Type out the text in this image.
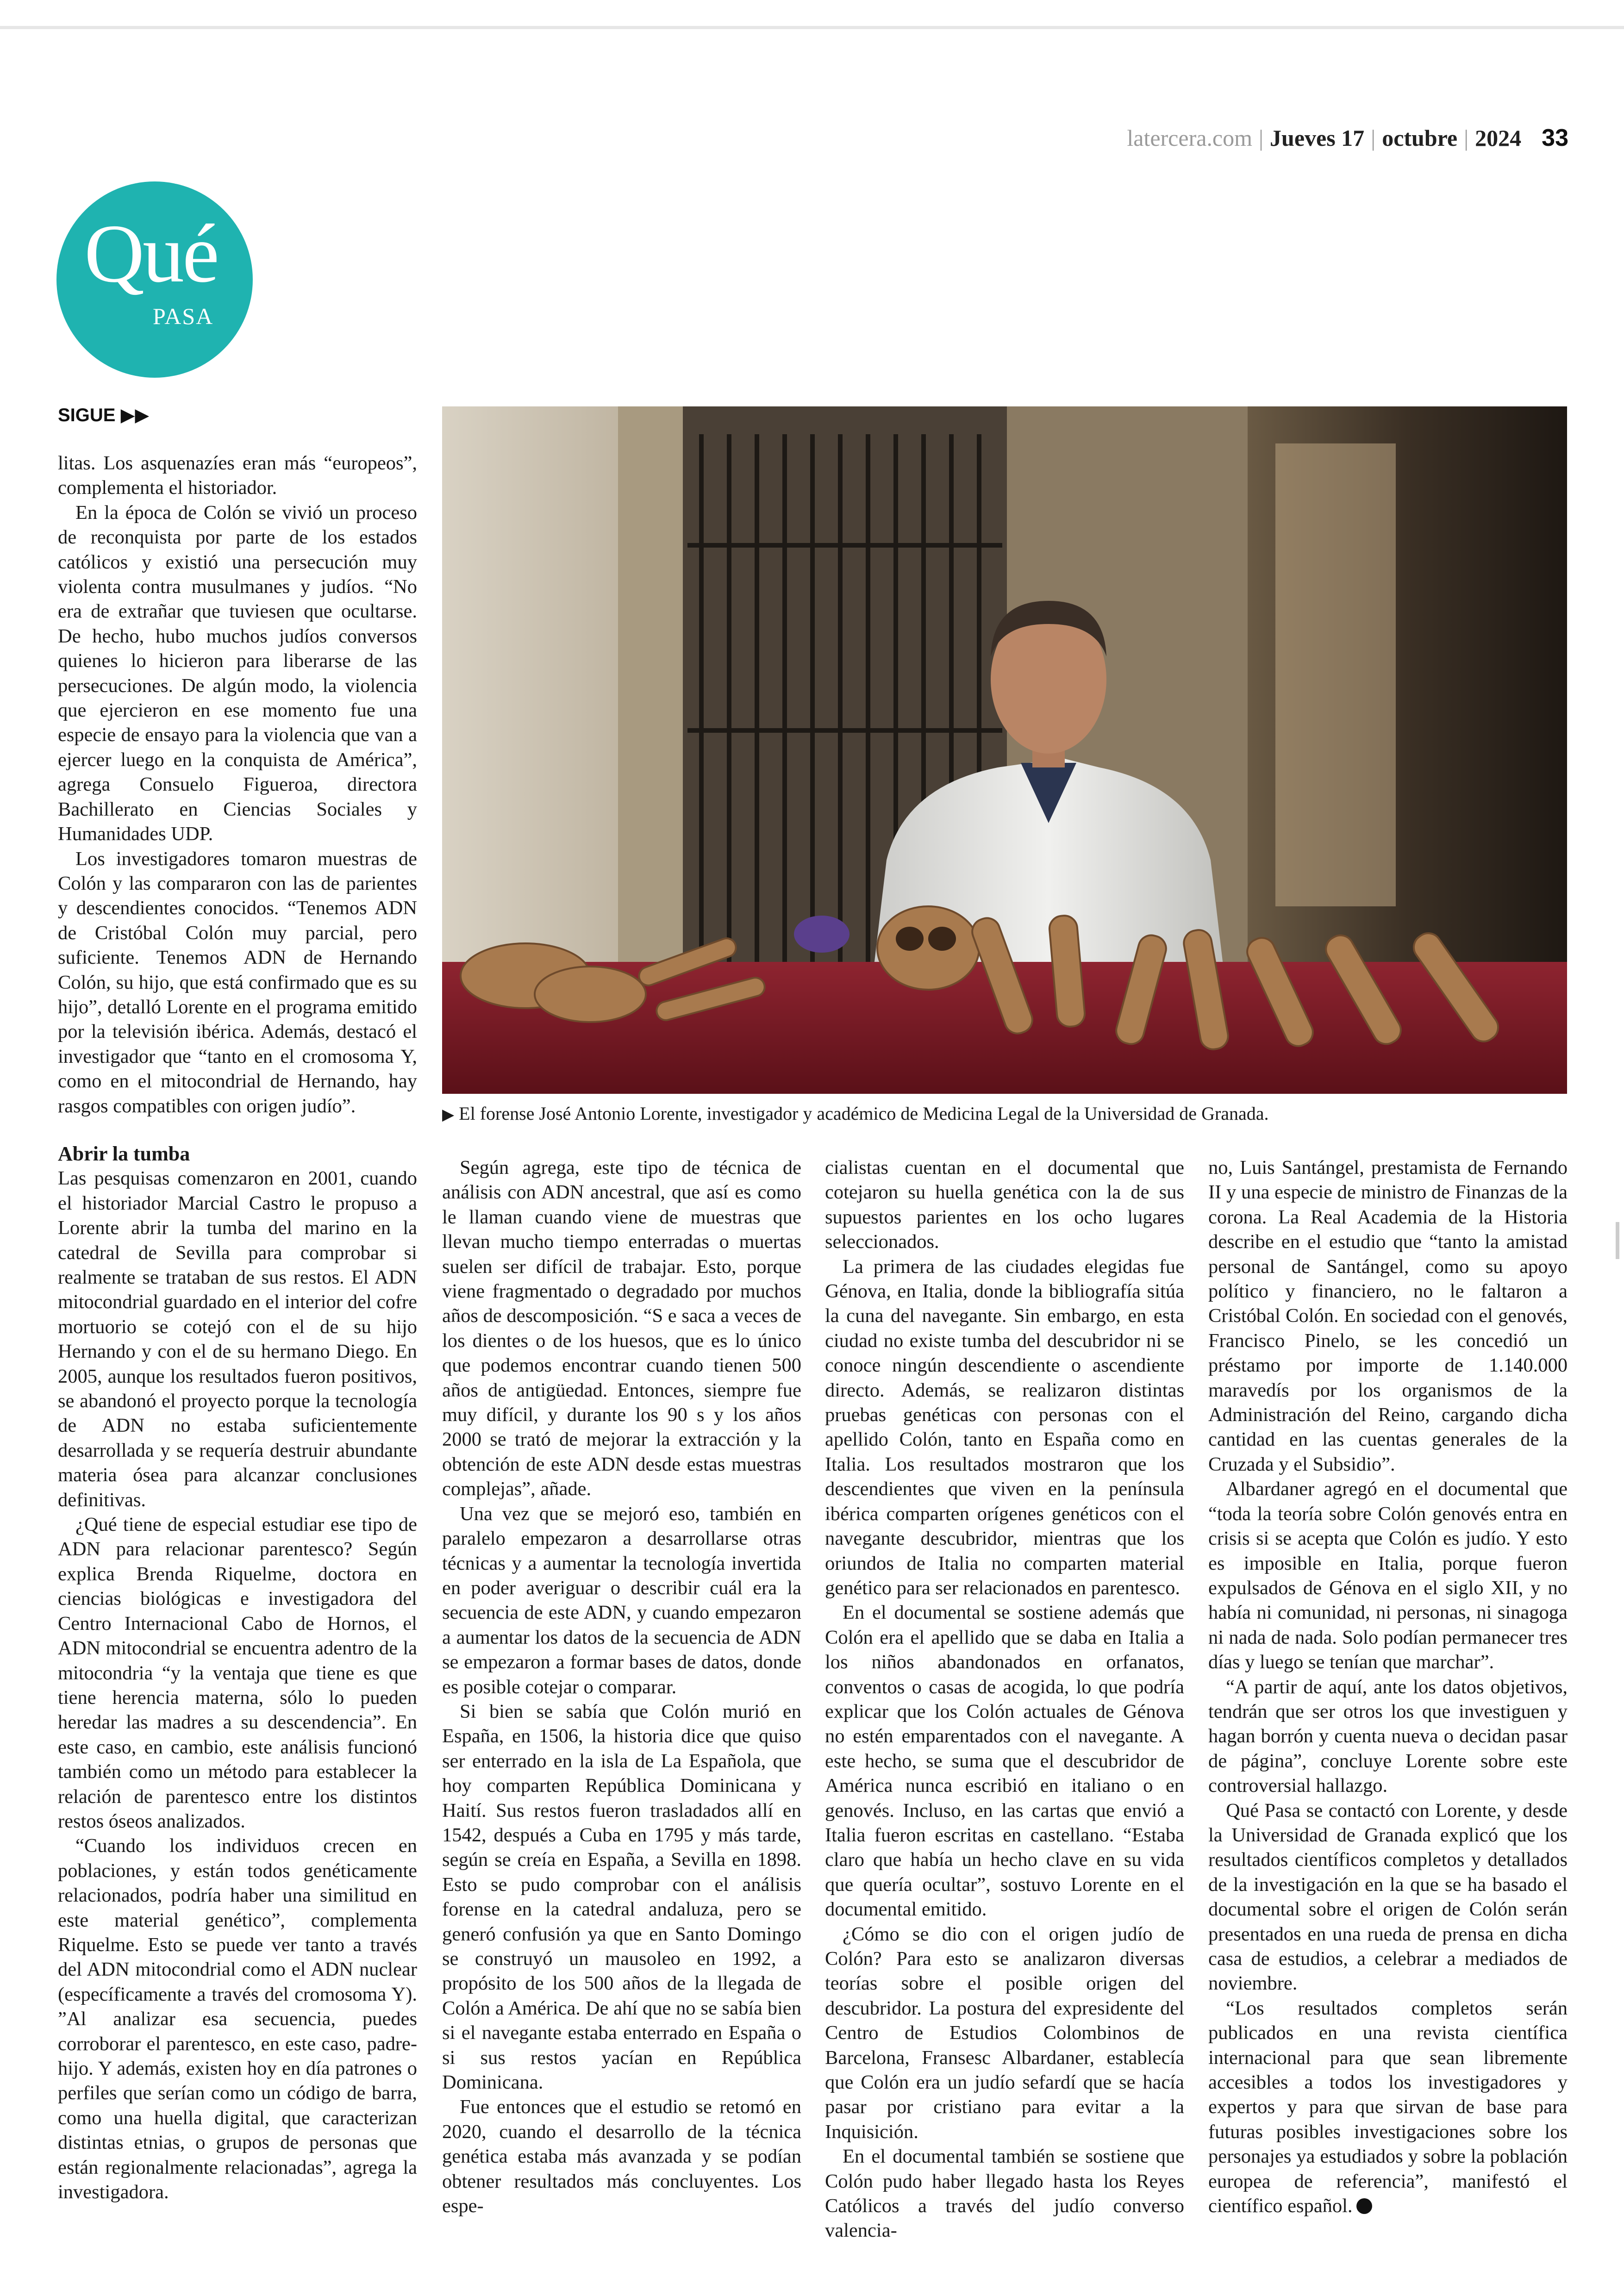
latercera.com | Jueves 17 | octubre | 2024 33
Qué
PASA
SIGUE ▶▶
▶ El forense José Antonio Lorente, investigador y académico de Medicina Legal de la Universidad de Granada.

litas. Los asquenazíes eran más “europeos”, complementa el historiador.

En la época de Colón se vivió un proceso de reconquista por parte de los estados católicos y existió una persecución muy violenta contra musulmanes y judíos. “No era de extrañar que tuviesen que ocultarse. De hecho, hubo muchos judíos conversos quienes lo hicieron para liberarse de las persecuciones. De algún modo, la violencia que ejercieron en ese momento fue una especie de ensayo para la violencia que van a ejercer luego en la conquista de América”, agrega Consuelo Figueroa, directora Bachillerato en Ciencias Sociales y Humanidades UDP.

Los investigadores tomaron muestras de Colón y las compararon con las de parientes y descendientes conocidos. “Tenemos ADN de Cristóbal Colón muy parcial, pero suficiente. Tenemos ADN de Hernando Colón, su hijo, que está confirmado que es su hijo”, detalló Lorente en el programa emitido por la televisión ibérica. Además, destacó el investigador que “tanto en el cromosoma Y, como en el mitocondrial de Hernando, hay rasgos compatibles con origen judío”.

Abrir la tumba

Las pesquisas comenzaron en 2001, cuando el historiador Marcial Castro le propuso a Lorente abrir la tumba del marino en la catedral de Sevilla para comprobar si realmente se trataban de sus restos. El ADN mitocondrial guardado en el interior del cofre mortuorio se cotejó con el de su hijo Hernando y con el de su hermano Diego. En 2005, aunque los resultados fueron positivos, se abandonó el proyecto porque la tecnología de ADN no estaba suficientemente desarrollada y se requería destruir abundante materia ósea para alcanzar conclusiones definitivas.

¿Qué tiene de especial estudiar ese tipo de ADN para relacionar parentesco? Según explica Brenda Riquelme, doctora en ciencias biológicas e investigadora del Centro Internacional Cabo de Hornos, el ADN mitocondrial se encuentra adentro de la mitocondria “y la ventaja que tiene es que tiene herencia materna, sólo lo pueden heredar las madres a su descendencia”. En este caso, en cambio, este análisis funcionó también como un método para establecer la relación de parentesco entre los distintos restos óseos analizados.

“Cuando los individuos crecen en poblaciones, y están todos genéticamente relacionados, podría haber una similitud en este material genético”, complementa Riquelme. Esto se puede ver tanto a través del ADN mitocondrial como el ADN nuclear (específicamente a través del cromosoma Y). ”Al analizar esa secuencia, puedes corroborar el parentesco, en este caso, padre-hijo. Y además, existen hoy en día patrones o perfiles que serían como un código de barra, como una huella digital, que caracterizan distintas etnias, o grupos de personas que están regionalmente relacionadas”, agrega la investigadora.

Según agrega, este tipo de técnica de análisis con ADN ancestral, que así es como le llaman cuando viene de muestras que llevan mucho tiempo enterradas o muertas suelen ser difícil de trabajar. Esto, porque viene fragmentado o degradado por muchos años de descomposición. “S e saca a veces de los dientes o de los huesos, que es lo único que podemos encontrar cuando tienen 500 años de antigüedad. Entonces, siempre fue muy difícil, y durante los 90 s y los años 2000 se trató de mejorar la extracción y la obtención de este ADN desde estas muestras complejas”, añade.

Una vez que se mejoró eso, también en paralelo empezaron a desarrollarse otras técnicas y a aumentar la tecnología invertida en poder averiguar o describir cuál era la secuencia de este ADN, y cuando empezaron a aumentar los datos de la secuencia de ADN se empezaron a formar bases de datos, donde es posible cotejar o comparar.

Si bien se sabía que Colón murió en España, en 1506, la historia dice que quiso ser enterrado en la isla de La Española, que hoy comparten República Dominicana y Haití. Sus restos fueron trasladados allí en 1542, después a Cuba en 1795 y más tarde, según se creía en España, a Sevilla en 1898. Esto se pudo comprobar con el análisis forense en la catedral andaluza, pero se generó confusión ya que en Santo Domingo se construyó un mausoleo en 1992, a propósito de los 500 años de la llegada de Colón a América. De ahí que no se sabía bien si el navegante estaba enterrado en España o si sus restos yacían en República Dominicana.

Fue entonces que el estudio se retomó en 2020, cuando el desarrollo de la técnica genética estaba más avanzada y se podían obtener resultados más concluyentes. Los espe-

cialistas cuentan en el documental que cotejaron su huella genética con la de sus supuestos parientes en los ocho lugares seleccionados.

La primera de las ciudades elegidas fue Génova, en Italia, donde la bibliografía sitúa la cuna del navegante. Sin embargo, en esta ciudad no existe tumba del descubridor ni se conoce ningún descendiente o ascendiente directo. Además, se realizaron distintas pruebas genéticas con personas con el apellido Colón, tanto en España como en Italia. Los resultados mostraron que los descendientes que viven en la península ibérica comparten orígenes genéticos con el navegante descubridor, mientras que los oriundos de Italia no comparten material genético para ser relacionados en parentesco.

En el documental se sostiene además que Colón era el apellido que se daba en Italia a los niños abandonados en orfanatos, conventos o casas de acogida, lo que podría explicar que los Colón actuales de Génova no estén emparentados con el navegante. A este hecho, se suma que el descubridor de América nunca escribió en italiano o en genovés. Incluso, en las cartas que envió a Italia fueron escritas en castellano. “Estaba claro que había un hecho clave en su vida que quería ocultar”, sostuvo Lorente en el documental emitido.

¿Cómo se dio con el origen judío de Colón? Para esto se analizaron diversas teorías sobre el posible origen del descubridor. La postura del expresidente del Centro de Estudios Colombinos de Barcelona, Fransesc Albardaner, establecía que Colón era un judío sefardí que se hacía pasar por cristiano para evitar a la Inquisición.

En el documental también se sostiene que Colón pudo haber llegado hasta los Reyes Católicos a través del judío converso valencia-

no, Luis Santángel, prestamista de Fernando II y una especie de ministro de Finanzas de la corona. La Real Academia de la Historia describe en el estudio que “tanto la amistad personal de Santángel, como su apoyo político y financiero, no le faltaron a Cristóbal Colón. En sociedad con el genovés, Francisco Pinelo, se les concedió un préstamo por importe de 1.140.000 maravedís por los organismos de la Administración del Reino, cargando dicha cantidad en las cuentas generales de la Cruzada y el Subsidio”.

Albardaner agregó en el documental que “toda la teoría sobre Colón genovés entra en crisis si se acepta que Colón es judío. Y esto es imposible en Italia, porque fueron expulsados de Génova en el siglo XII, y no había ni comunidad, ni personas, ni sinagoga ni nada de nada. Solo podían permanecer tres días y luego se tenían que marchar”.

“A partir de aquí, ante los datos objetivos, tendrán que ser otros los que investiguen y hagan borrón y cuenta nueva o decidan pasar de página”, concluye Lorente sobre este controversial hallazgo.

Qué Pasa se contactó con Lorente, y desde la Universidad de Granada explicó que los resultados científicos completos y detallados de la investigación en la que se ha basado el documental sobre el origen de Colón serán presentados en una rueda de prensa en dicha casa de estudios, a celebrar a mediados de noviembre.

“Los resultados completos serán publicados en una revista científica internacional para que sean libremente accesibles a todos los investigadores y expertos y para que sirvan de base para futuras posibles investigaciones sobre los personajes ya estudiados y sobre la población europea de referencia”, manifestó el científico español.
